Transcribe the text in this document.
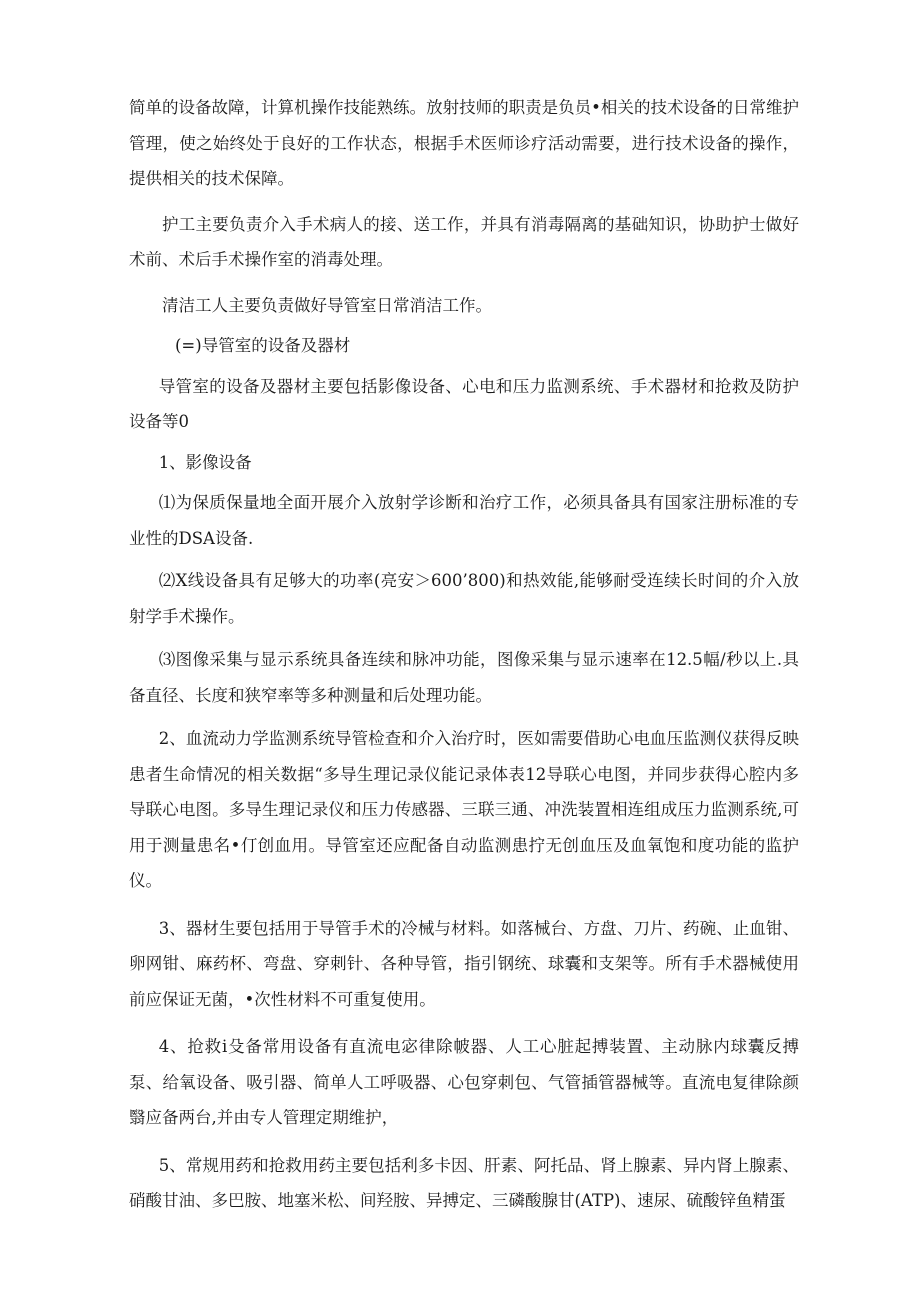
简单的设备故障，计算机操作技能熟练。放射技师的职责是负员•相关的技术设备的日常维护管理，使之始终处于良好的工作状态，根据手术医师诊疗活动需要，进行技术设备的操作，提供相关的技术保障。

护工主要负责介入手术病人的接、送工作，并具有消毒隔离的基础知识，协助护士做好术前、术后手术操作室的消毒处理。

清洁工人主要负责做好导管室日常消洁工作。

(=)导管室的设备及器材

导管室的设备及器材主要包括影像设备、心电和压力监测系统、手术器材和抢救及防护设备等0

1、影像设备

⑴为保质保量地全面开展介入放射学诊断和治疗工作，必须具备具有国家注册标准的专业性的DSA设备.

⑵X线设备具有足够大的功率(亮安＞600’800)和热效能,能够耐受连续长时间的介入放射学手术操作。

⑶图像采集与显示系统具备连续和脉冲功能，图像采集与显示速率在12.5幅/秒以上.具备直径、长度和狭窄率等多种测量和后处理功能。

2、血流动力学监测系统导管检查和介入治疗时，医如需要借助心电血压监测仪获得反映患者生命情况的相关数据“多导生理记录仪能记录体表12导联心电图，并同步获得心腔内多导联心电图。多导生理记录仪和压力传感器、三联三通、冲洗装置相连组成压力监测系统,可用于测量患名•仃创血用。导管室还应配备自动监测患拧无创血压及血氧饱和度功能的监护仪。

3、器材生要包括用于导管手术的冷械与材料。如落械台、方盘、刀片、药碗、止血钳、卵网钳、麻药杯、弯盘、穿刺针、各种导管，指引钢统、球囊和支架等。所有手术器械使用前应保证无菌，•次性材料不可重复使用。

4、抢救i殳备常用设备有直流电宓律除帔器、人工心脏起搏装置、主动脉内球囊反搏泵、给氧设备、吸引器、简单人工呼吸器、心包穿刺包、气管插管器械等。直流电复律除颜翳应备两台,并由专人管理定期维护，

5、常规用药和抢救用药主要包括利多卡因、肝素、阿托品、肾上腺素、异内肾上腺素、硝酸甘油、多巴胺、地塞米松、间羟胺、异搏定、三磷酸腺甘(ATP)、速尿、硫酸锌鱼精蛋
